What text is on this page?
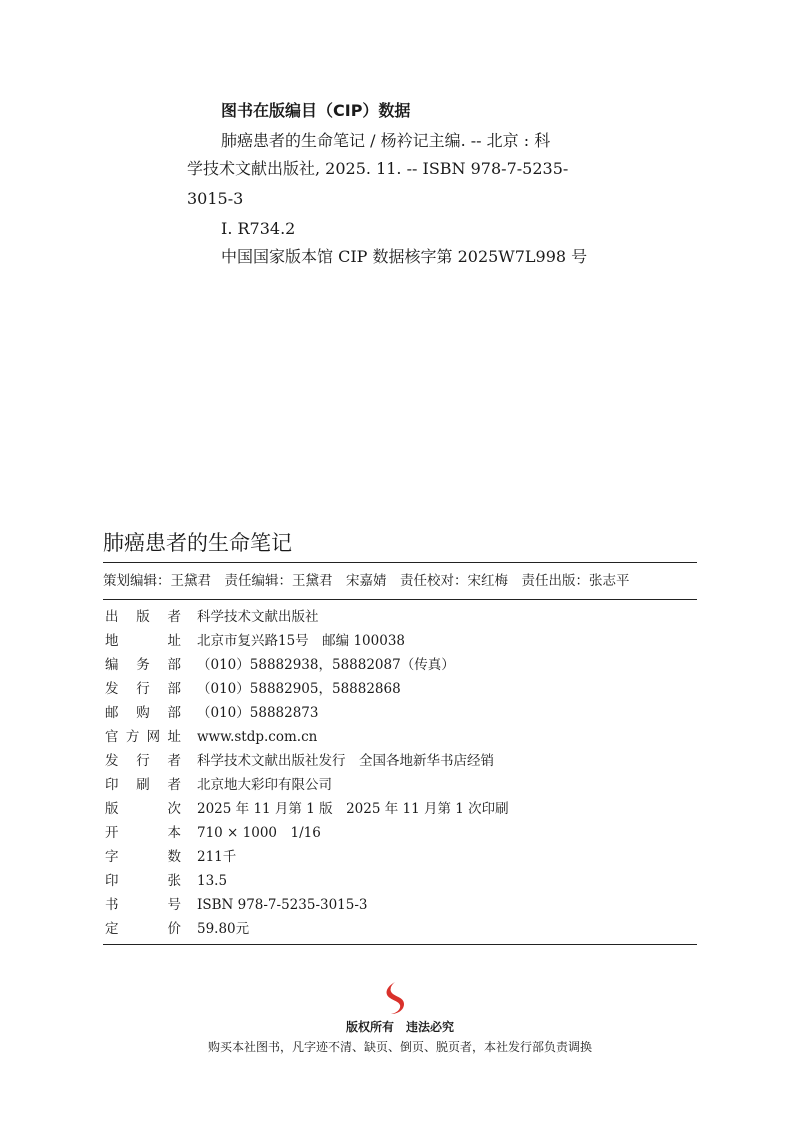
图书在版编目（CIP）数据
肺癌患者的生命笔记 / 杨衿记主编. -- 北京 : 科
学技术文献出版社, 2025. 11. -- ISBN 978-7-5235-
3015-3
Ⅰ. R734.2
中国国家版本馆 CIP 数据核字第 2025W7L998 号
肺癌患者的生命笔记
策划编辑：王黛君　 责任编辑：王黛君　宋嘉婧　 责任校对：宋红梅　 责任出版：张志平
出版者 科学技术文献出版社
地址 北京市复兴路15号　邮编 100038
编务部 （010）58882938，58882087（传真）
发行部 （010）58882905，58882868
邮购部 （010）58882873
官方网址 www.stdp.com.cn
发行者 科学技术文献出版社发行　全国各地新华书店经销
印刷者 北京地大彩印有限公司
版次 2025 年 11 月第 1 版　2025 年 11 月第 1 次印刷
开本 710 × 1000　1/16
字数 211千
印张 13.5
书号 ISBN 978-7-5235-3015-3
定价 59.80元
版权所有 违法必究
购买本社图书，凡字迹不清、缺页、倒页、脱页者，本社发行部负责调换
